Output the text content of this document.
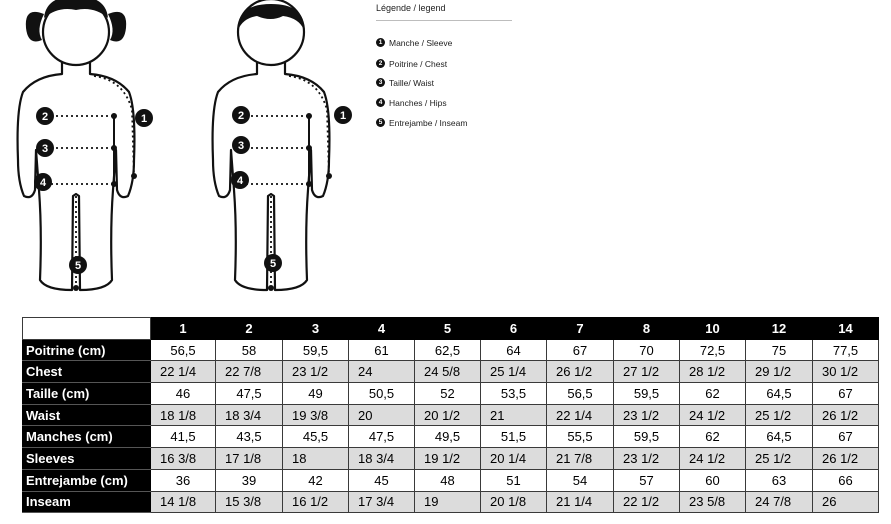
1
2
3
4
5
1
2
3
4
5
Légende / legend
1 Manche / Sleeve
2 Poitrine / Chest
3 Taille/ Waist
4 Hanches / Hips
5 Entrejambe / Inseam
	1	2	3	4	5	6	7	8	10	12	14
Poitrine (cm)	56,5	58	59,5	61	62,5	64	67	70	72,5	75	77,5
Chest	22 1/4	22 7/8	23 1/2	24	24 5/8	25 1/4	26 1/2	27 1/2	28 1/2	29 1/2	30 1/2
Taille (cm)	46	47,5	49	50,5	52	53,5	56,5	59,5	62	64,5	67
Waist	18 1/8	18 3/4	19 3/8	20	20 1/2	21	22 1/4	23 1/2	24 1/2	25 1/2	26 1/2
Manches (cm)	41,5	43,5	45,5	47,5	49,5	51,5	55,5	59,5	62	64,5	67
Sleeves	16 3/8	17 1/8	18	18 3/4	19 1/2	20 1/4	21 7/8	23 1/2	24 1/2	25 1/2	26 1/2
Entrejambe (cm)	36	39	42	45	48	51	54	57	60	63	66
Inseam	14 1/8	15 3/8	16 1/2	17 3/4	19	20 1/8	21 1/4	22 1/2	23 5/8	24 7/8	26
